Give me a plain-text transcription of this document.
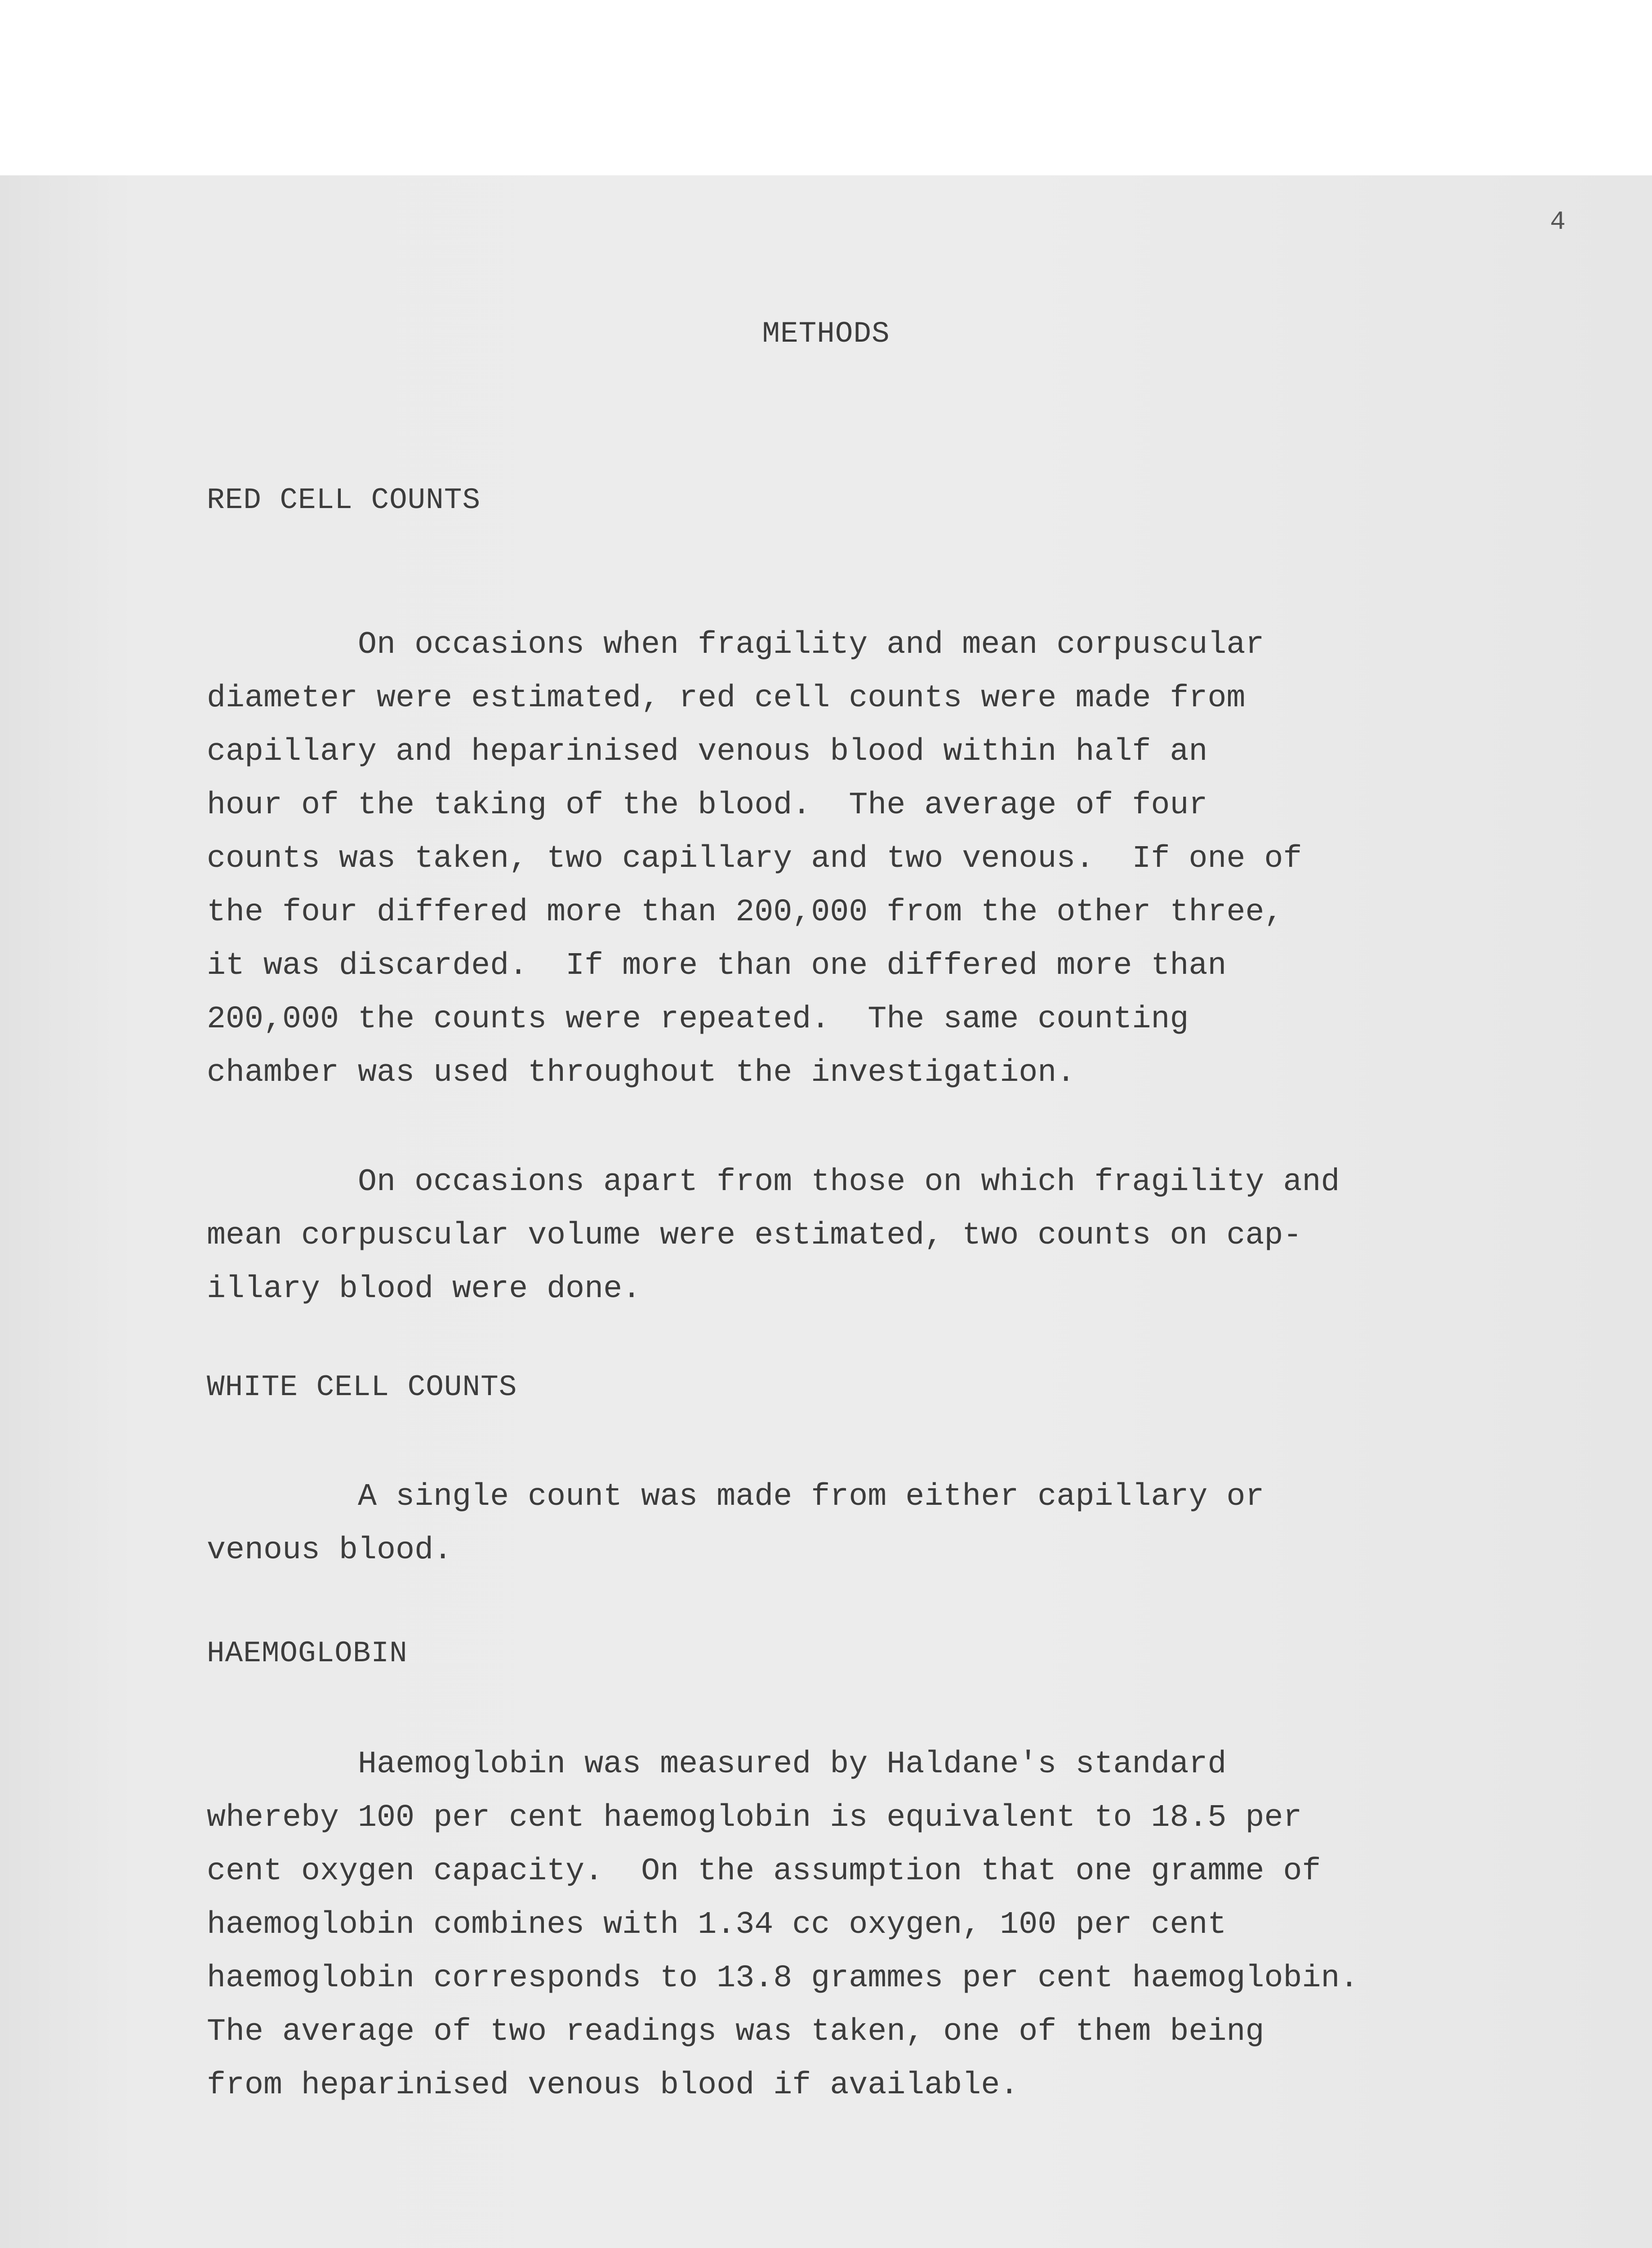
4
METHODS
RED CELL COUNTS

On occasions when fragility and mean corpuscular
diameter were estimated, red cell counts were made from
capillary and heparinised venous blood within half an
hour of the taking of the blood.  The average of four
counts was taken, two capillary and two venous.  If one of
the four differed more than 200,000 from the other three,
it was discarded.  If more than one differed more than
200,000 the counts were repeated.  The same counting
chamber was used throughout the investigation.

On occasions apart from those on which fragility and
mean corpuscular volume were estimated, two counts on cap-
illary blood were done.

WHITE CELL COUNTS

A single count was made from either capillary or
venous blood.

HAEMOGLOBIN

Haemoglobin was measured by Haldane's standard
whereby 100 per cent haemoglobin is equivalent to 18.5 per
cent oxygen capacity.  On the assumption that one gramme of
haemoglobin combines with 1.34 cc oxygen, 100 per cent
haemoglobin corresponds to 13.8 grammes per cent haemoglobin.
The average of two readings was taken, one of them being
from heparinised venous blood if available.
